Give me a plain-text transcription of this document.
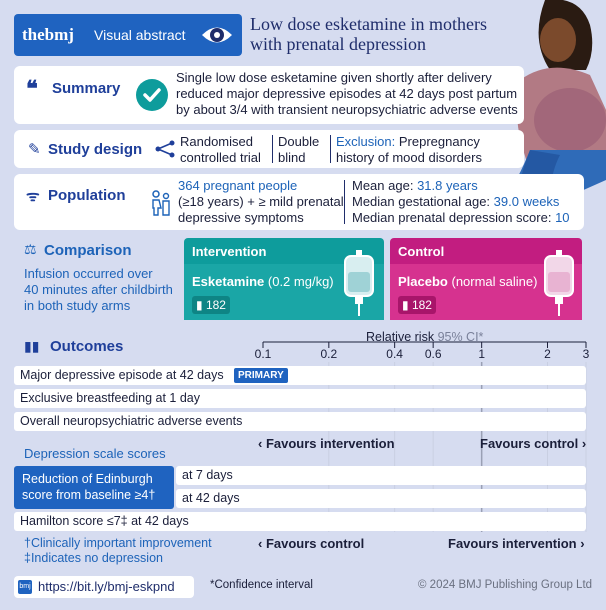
thebmj Visual abstract
Low dose esketamine in mothers
with prenatal depression
❝ Summary
Single low dose esketamine given shortly after delivery
reduced major depressive episodes at 42 days post partum
by about 3/4 with transient neuropsychiatric adverse events
✎ Study design	Randomised
controlled trial
Double
blind
Exclusion: Prepregnancy
history of mood disorders
ᯤ Population
364 pregnant people
(≥18 years) + ≥ mild prenatal
depressive symptoms
Mean age: 31.8 years
Median gestational age: 39.0 weeks
Median prenatal depression score: 10
⚖ Comparison
Infusion occurred over
40 minutes after childbirth
in both study arms
Intervention
Esketamine (0.2 mg/kg)
▮ 182
Control
Placebo (normal saline)
▮ 182
▮▮ Outcomes
Relative risk 95% CI*
0.1	0.2	0.4 0.6	1	2	3
Major depressive episode at 42 days	PRIMARY
Exclusive breastfeeding at 1 day
Overall neuropsychiatric adverse events
‹ Favours intervention	Favours control ›
Depression scale scores
Reduction of Edinburgh
score from baseline ≥4†
at 7 days
at 42 days
Hamilton score ≤7‡ at 42 days
‹ Favours control	Favours intervention ›
†Clinically important improvement
‡Indicates no depression
bmj https://bit.ly/bmj-eskpnd	*Confidence interval	© 2024 BMJ Publishing Group Ltd
